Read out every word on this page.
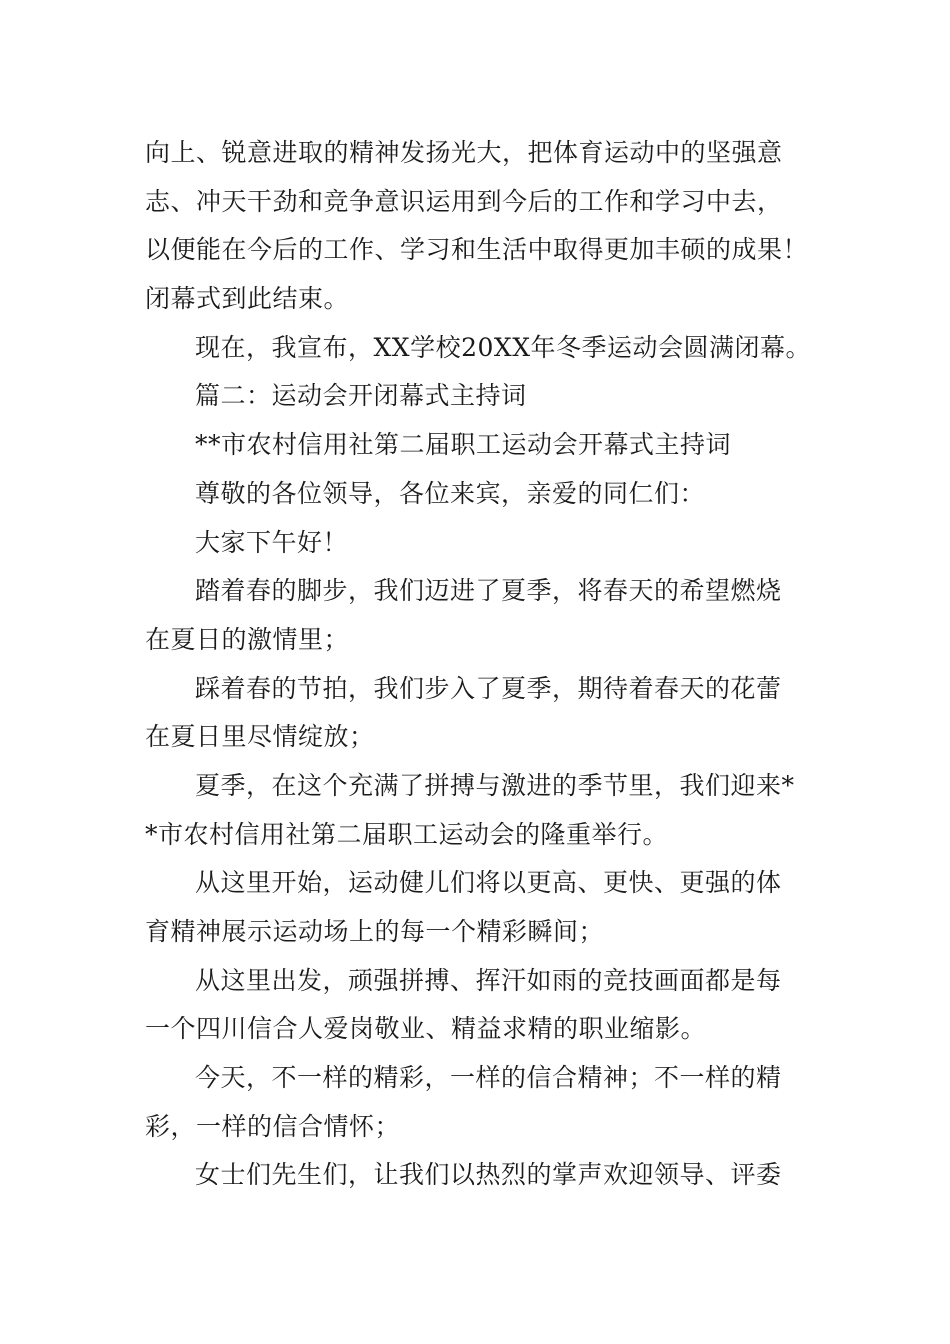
向上、锐意进取的精神发扬光大，把体育运动中的坚强意
志、冲天干劲和竞争意识运用到今后的工作和学习中去，
以便能在今后的工作、学习和生活中取得更加丰硕的成果！
闭幕式到此结束。
现在，我宣布，XX学校20XX年冬季运动会圆满闭幕。
篇二：运动会开闭幕式主持词
**市农村信用社第二届职工运动会开幕式主持词
尊敬的各位领导，各位来宾，亲爱的同仁们：
大家下午好！
踏着春的脚步，我们迈进了夏季，将春天的希望燃烧
在夏日的激情里；
踩着春的节拍，我们步入了夏季，期待着春天的花蕾
在夏日里尽情绽放；
夏季，在这个充满了拼搏与激进的季节里，我们迎来*
*市农村信用社第二届职工运动会的隆重举行。
从这里开始，运动健儿们将以更高、更快、更强的体
育精神展示运动场上的每一个精彩瞬间；
从这里出发，顽强拼搏、挥汗如雨的竞技画面都是每
一个四川信合人爱岗敬业、精益求精的职业缩影。
今天，不一样的精彩，一样的信合精神；不一样的精
彩，一样的信合情怀；
女士们先生们，让我们以热烈的掌声欢迎领导、评委
